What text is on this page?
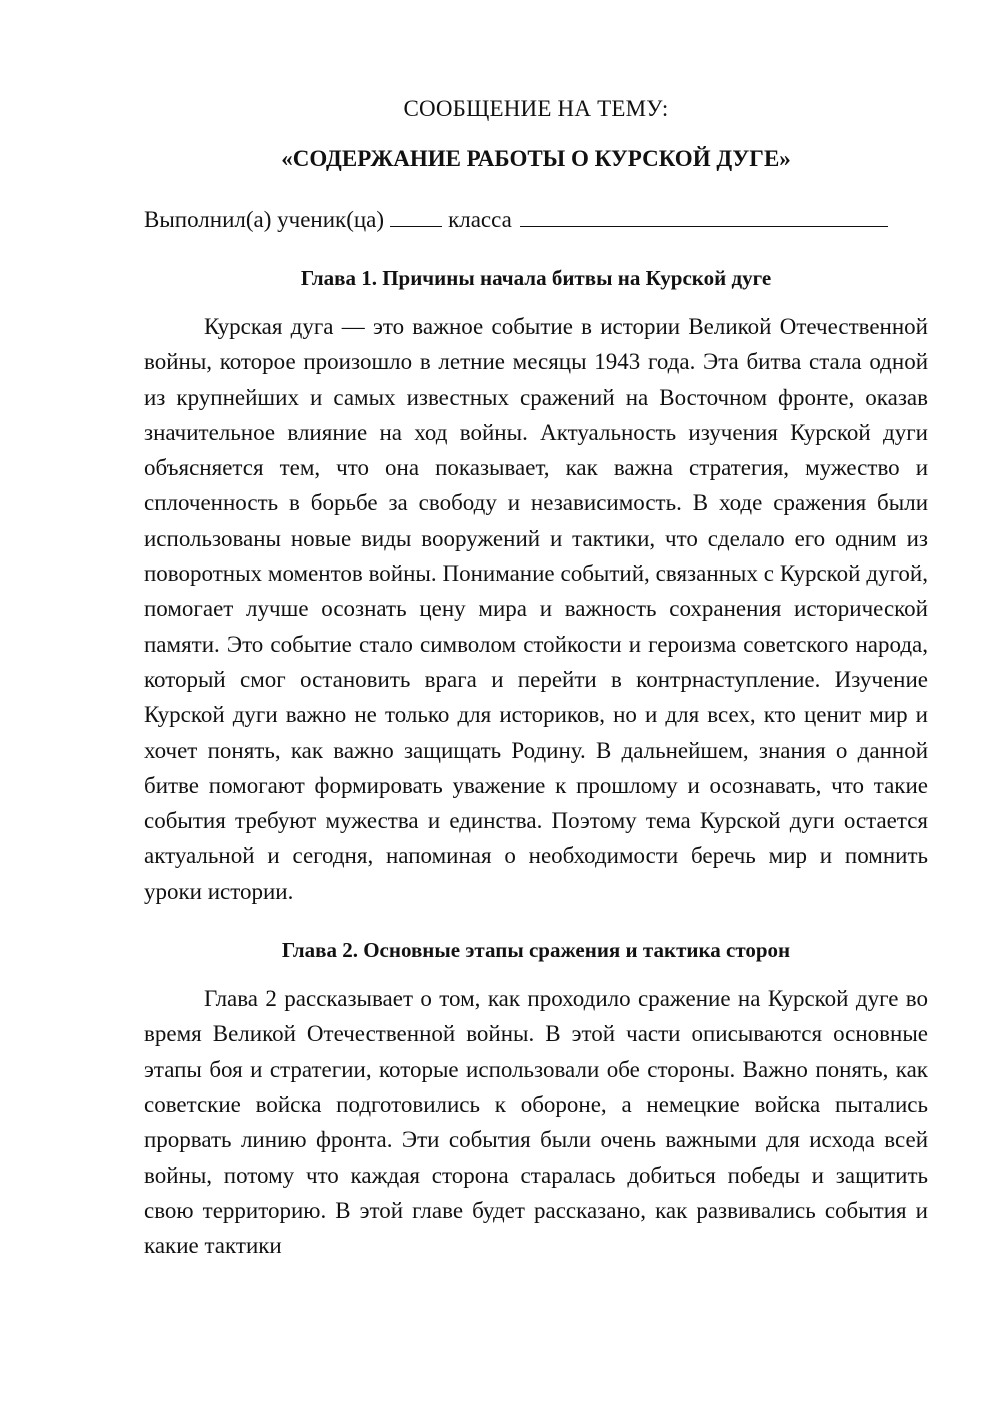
СООБЩЕНИЕ НА ТЕМУ:

«СОДЕРЖАНИЕ РАБОТЫ О КУРСКОЙ ДУГЕ»

Выполнил(а) ученик(ца)	класса
Глава 1. Причины начала битвы на Курской дуге

Курская дуга — это важное событие в истории Великой Отечественной войны, которое произошло в летние месяцы 1943 года. Эта битва стала одной из крупнейших и самых известных сражений на Восточном фронте, оказав значительное влияние на ход войны. Актуальность изучения Курской дуги объясняется тем, что она показывает, как важна стратегия, мужество и сплоченность в борьбе за свободу и независимость. В ходе сражения были использованы новые виды вооружений и тактики, что сделало его одним из поворотных моментов войны. Понимание событий, связанных с Курской дугой, помогает лучше осознать цену мира и важность сохранения исторической памяти. Это событие стало символом стойкости и героизма советского народа, который смог остановить врага и перейти в контрнаступление. Изучение Курской дуги важно не только для историков, но и для всех, кто ценит мир и хочет понять, как важно защищать Родину. В дальнейшем, знания о данной битве помогают формировать уважение к прошлому и осознавать, что такие события требуют мужества и единства. Поэтому тема Курской дуги остается актуальной и сегодня, напоминая о необходимости беречь мир и помнить уроки истории.

Глава 2. Основные этапы сражения и тактика сторон

Глава 2 рассказывает о том, как проходило сражение на Курской дуге во время Великой Отечественной войны. В этой части описываются основные этапы боя и стратегии, которые использовали обе стороны. Важно понять, как советские войска подготовились к обороне, а немецкие войска пытались прорвать линию фронта. Эти события были очень важными для исхода всей войны, потому что каждая сторона старалась добиться победы и защитить свою территорию. В этой главе будет рассказано, как развивались события и какие тактики
